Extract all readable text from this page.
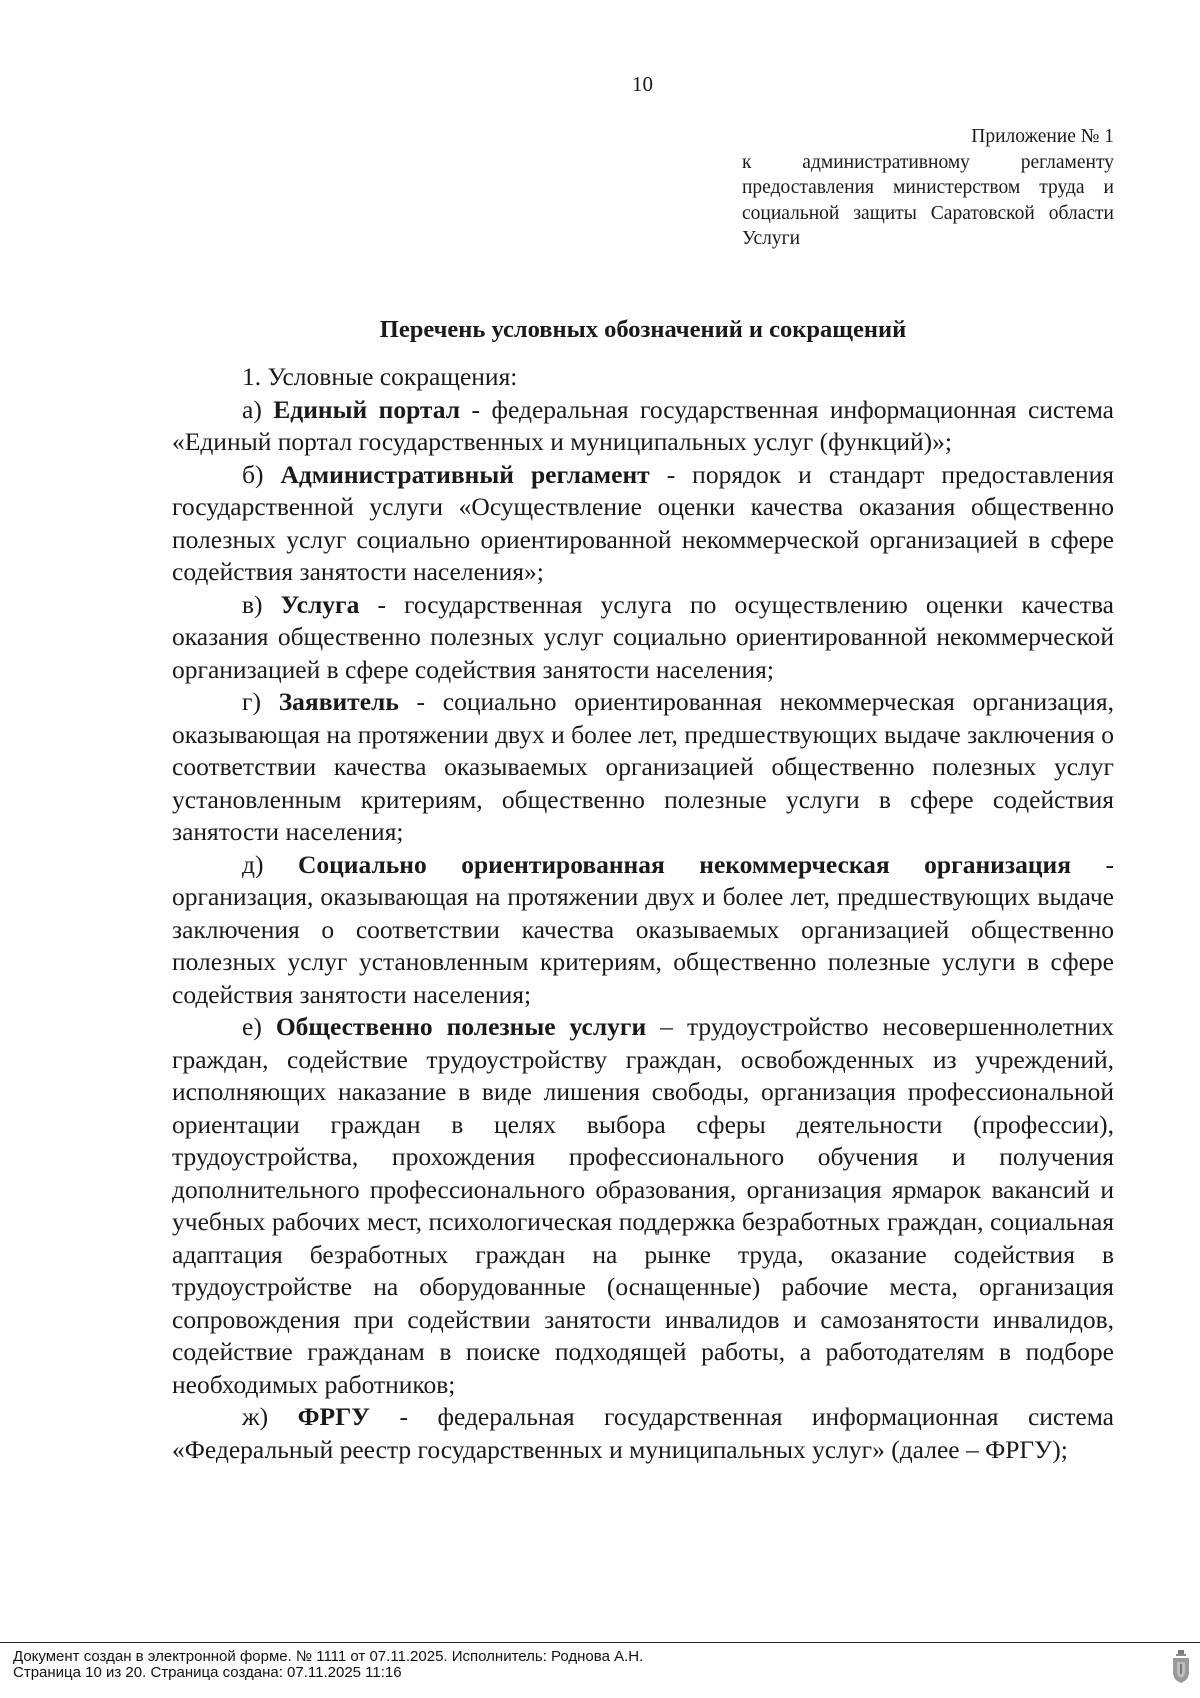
10
Приложение № 1
к административному регламенту предоставления министерством труда и социальной защиты Саратовской области Услуги
Перечень условных обозначений и сокращений

1. Условные сокращения:

а) Единый портал - федеральная государственная информационная система «Единый портал государственных и муниципальных услуг (функций)»;

б) Административный регламент - порядок и стандарт предоставления государственной услуги «Осуществление оценки качества оказания общественно полезных услуг социально ориентированной некоммерческой организацией в сфере содействия занятости населения»;

в) Услуга - государственная услуга по осуществлению оценки качества оказания общественно полезных услуг социально ориентированной некоммерческой организацией в сфере содействия занятости населения;

г) Заявитель - социально ориентированная некоммерческая организация, оказывающая на протяжении двух и более лет, предшествующих выдаче заключения о соответствии качества оказываемых организацией общественно полезных услуг установленным критериям, общественно полезные услуги в сфере содействия занятости населения;

д) Социально ориентированная некоммерческая организация - организация, оказывающая на протяжении двух и более лет, предшествующих выдаче заключения о соответствии качества оказываемых организацией общественно полезных услуг установленным критериям, общественно полезные услуги в сфере содействия занятости населения;

е) Общественно полезные услуги – трудоустройство несовершеннолетних граждан, содействие трудоустройству граждан, освобожденных из учреждений, исполняющих наказание в виде лишения свободы, организация профессиональной ориентации граждан в целях выбора сферы деятельности (профессии), трудоустройства, прохождения профессионального обучения и получения дополнительного профессионального образования, организация ярмарок вакансий и учебных рабочих мест, психологическая поддержка безработных граждан, социальная адаптация безработных граждан на рынке труда, оказание содействия в трудоустройстве на оборудованные (оснащенные) рабочие места, организация сопровождения при содействии занятости инвалидов и самозанятости инвалидов, содействие гражданам в поиске подходящей работы, а работодателям в подборе необходимых работников;

ж) ФРГУ - федеральная государственная информационная система «Федеральный реестр государственных и муниципальных услуг» (далее – ФРГУ);

Документ создан в электронной форме. № 1111 от 07.11.2025. Исполнитель: Роднова А.Н.
Страница 10 из 20. Страница создана: 07.11.2025 11:16
